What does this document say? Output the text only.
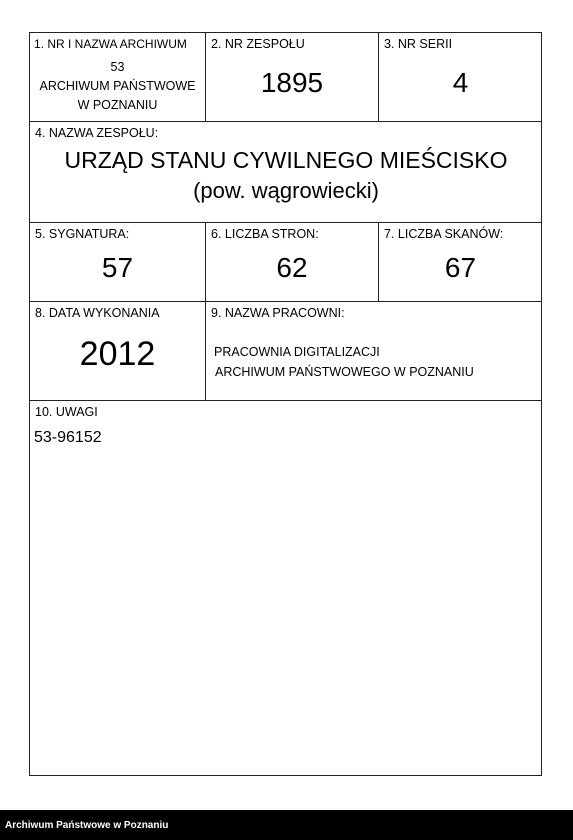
1. NR I NAZWA ARCHIWUM
53
ARCHIWUM PAŃSTWOWE
W POZNANIU
2. NR ZESPOŁU
1895
3. NR SERII
4
4. NAZWA ZESPOŁU:
URZĄD STANU CYWILNEGO MIEŚCISKO
(pow. wągrowiecki)
5. SYGNATURA:
57
6. LICZBA STRON:
62
7. LICZBA SKANÓW:
67
8. DATA WYKONANIA
2012
9. NAZWA PRACOWNI:
PRACOWNIA DIGITALIZACJI
ARCHIWUM PAŃSTWOWEGO W POZNANIU
10. UWAGI
53-96152
Archiwum Państwowe w Poznaniu
